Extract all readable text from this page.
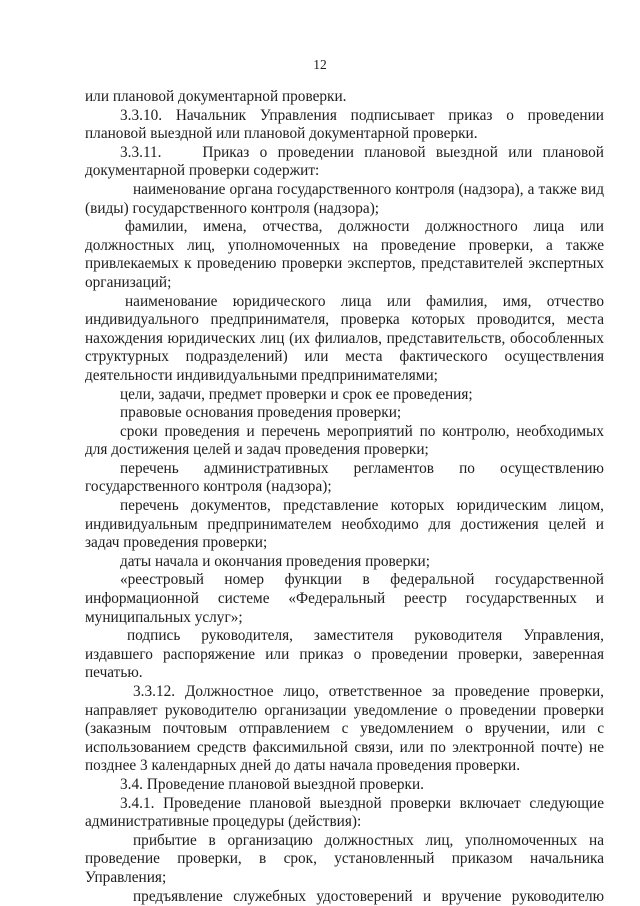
12

или плановой документарной проверки.

3.3.10. Начальник Управления подписывает приказ о проведении плановой выездной или плановой документарной проверки.

3.3.11.   Приказ о проведении плановой выездной или плановой документарной проверки содержит:

наименование органа государственного контроля (надзора), а также вид (виды) государственного контроля (надзора);

фамилии, имена, отчества, должности должностного лица или должностных лиц, уполномоченных на проведение проверки, а также привлекаемых к проведению проверки экспертов, представителей экспертных организаций;

наименование юридического лица или фамилия, имя, отчество индивидуального предпринимателя, проверка которых проводится, места нахождения юридических лиц (их филиалов, представительств, обособленных структурных подразделений) или места фактического осуществления деятельности индивидуальными предпринимателями;

цели, задачи, предмет проверки и срок ее проведения;

правовые основания проведения проверки;

сроки проведения и перечень мероприятий по контролю, необходимых для достижения целей и задач проведения проверки;

перечень административных регламентов по осуществлению государственного контроля (надзора);

перечень документов, представление которых юридическим лицом, индивидуальным предпринимателем необходимо для достижения целей и задач проведения проверки;

даты начала и окончания проведения проверки;

«реестровый номер функции в федеральной государственной информационной системе «Федеральный реестр государственных и муниципальных услуг»;

подпись руководителя, заместителя руководителя Управления, издавшего распоряжение или приказ о проведении проверки, заверенная печатью.

3.3.12. Должностное лицо, ответственное за проведение проверки, направляет руководителю организации уведомление о проведении проверки (заказным почтовым отправлением с уведомлением о вручении, или с использованием средств факсимильной связи, или по электронной почте) не позднее 3 календарных дней до даты начала проведения проверки.

3.4. Проведение плановой выездной проверки.

3.4.1. Проведение плановой выездной проверки включает следующие административные процедуры (действия):

прибытие в организацию должностных лиц, уполномоченных на проведение проверки, в срок, установленный приказом начальника Управления;

предъявление служебных удостоверений и вручение руководителю
